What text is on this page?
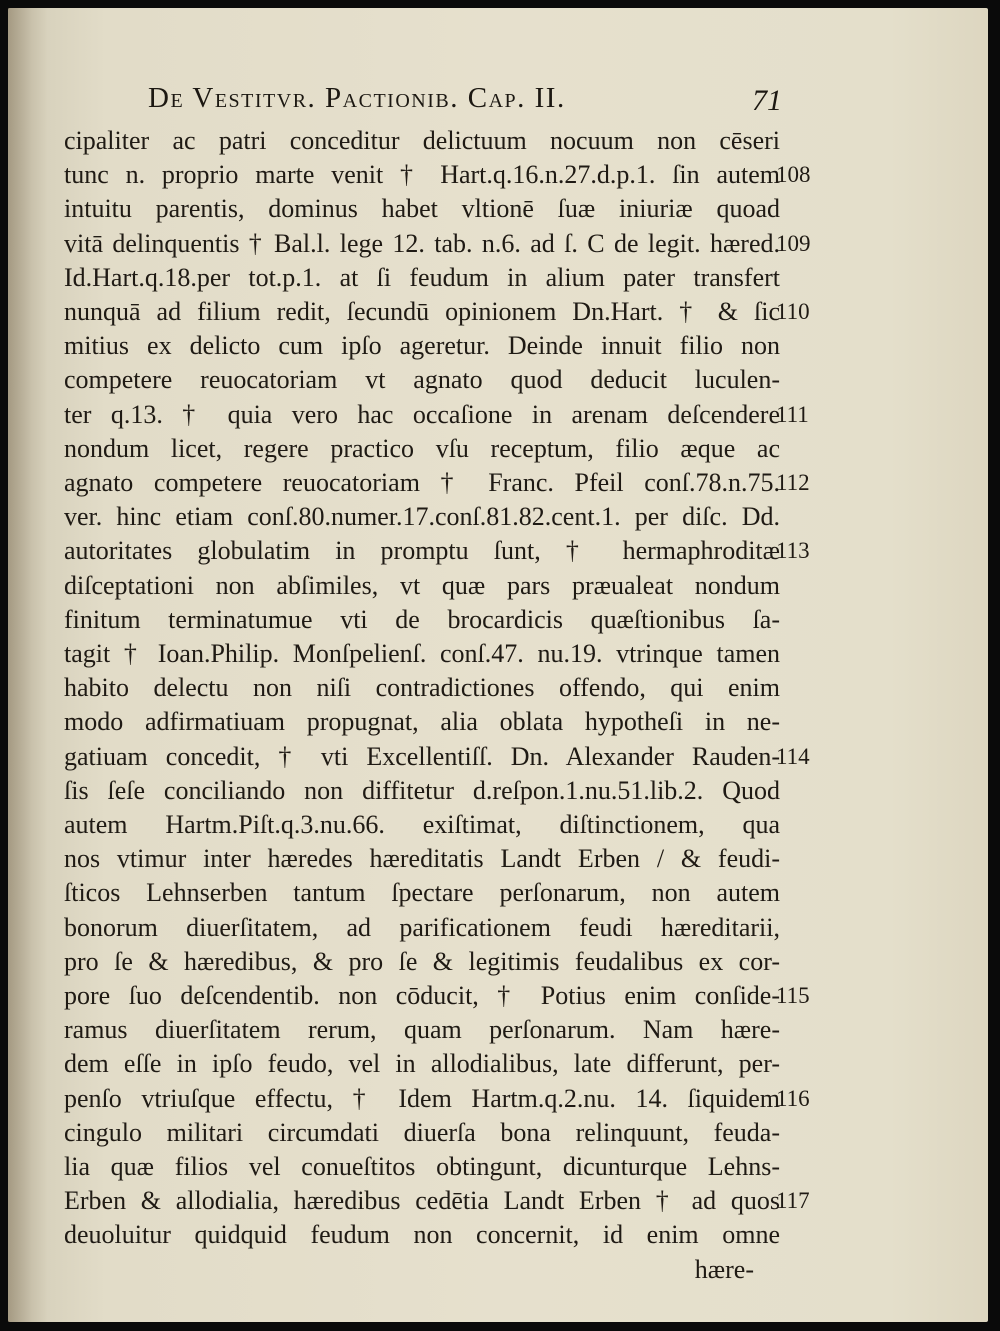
De Vestitvr. Pactionib. Cap. II.	71
cipaliter ac patri conceditur delictuum nocuum non cēseri
tunc n. proprio marte venit † Hart.q.16.n.27.d.p.1. ſin autem
intuitu parentis, dominus habet vltionē ſuæ iniuriæ quoad
vitā delinquentis † Bal.l. lege 12. tab. n.6. ad ſ. C de legit. hæred.
Id.Hart.q.18.per tot.p.1. at ſi feudum in alium pater transfert
nunquā ad filium redit, ſecundū opinionem Dn.Hart. † & ſic
mitius ex delicto cum ipſo ageretur. Deinde innuit filio non
competere reuocatoriam vt agnato quod deducit luculen-
ter q.13. † quia vero hac occaſione in arenam deſcendere
nondum licet, regere practico vſu receptum, filio æque ac
agnato competere reuocatoriam † Franc. Pfeil conſ.78.n.75.
ver. hinc etiam conſ.80.numer.17.conſ.81.82.cent.1. per diſc. Dd.
autoritates globulatim in promptu ſunt, † hermaphroditæ
diſceptationi non abſimiles, vt quæ pars præualeat nondum
finitum terminatumue vti de brocardicis quæſtionibus ſa-
tagit † Ioan.Philip. Monſpelienſ. conſ.47. nu.19. vtrinque tamen
habito delectu non niſi contradictiones offendo, qui enim
modo adfirmatiuam propugnat, alia oblata hypotheſi in ne-
gatiuam concedit, † vti Excellentiſſ. Dn. Alexander Rauden-
ſis ſeſe conciliando non diffitetur d.reſpon.1.nu.51.lib.2. Quod
autem Hartm.Piſt.q.3.nu.66. exiſtimat, diſtinctionem, qua
nos vtimur inter hæredes hæreditatis Landt Erben / & feudi-
ſticos Lehnserben tantum ſpectare perſonarum, non autem
bonorum diuerſitatem, ad parificationem feudi hæreditarii,
pro ſe & hæredibus, & pro ſe & legitimis feudalibus ex cor-
pore ſuo deſcendentib. non cōducit, † Potius enim conſide-
ramus diuerſitatem rerum, quam perſonarum. Nam hære-
dem eſſe in ipſo feudo, vel in allodialibus, late differunt, per-
penſo vtriuſque effectu, † Idem Hartm.q.2.nu. 14. ſiquidem
cingulo militari circumdati diuerſa bona relinquunt, feuda-
lia quæ filios vel conueſtitos obtingunt, dicunturque Lehns-
Erben & allodialia, hæredibus cedētia Landt Erben † ad quos
deuoluitur quidquid feudum non concernit, id enim omne
hære-
108
109
110
111
112
113
114
115
116
117
